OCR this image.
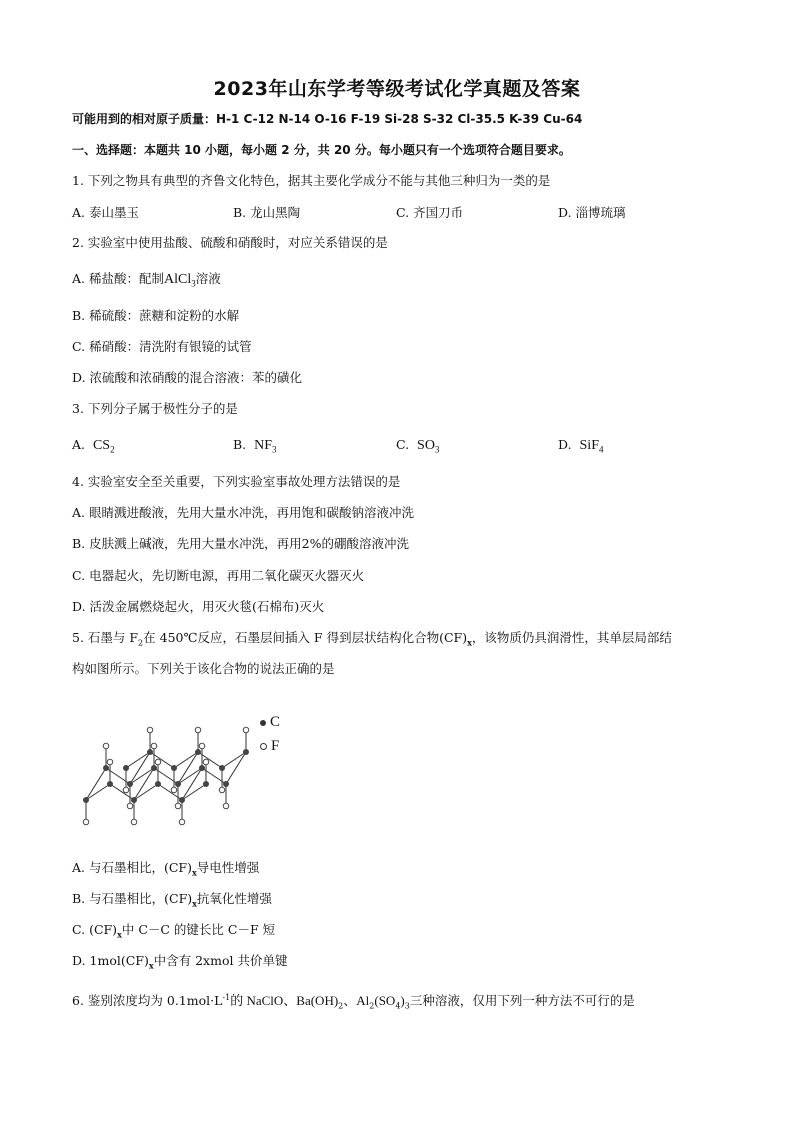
2023年山东学考等级考试化学真题及答案
可能用到的相对原子质量：H-1 C-12 N-14 O-16 F-19 Si-28 S-32 Cl-35.5 K-39 Cu-64
一、选择题：本题共 10 小题，每小题 2 分，共 20 分。每小题只有一个选项符合题目要求。
1. 下列之物具有典型的齐鲁文化特色，据其主要化学成分不能与其他三种归为一类的是
A. 泰山墨玉	B. 龙山黑陶	C. 齐国刀币	D. 淄博琉璃
2. 实验室中使用盐酸、硫酸和硝酸时，对应关系错误的是
A. 稀盐酸：配制AlCl$_3$溶液
B. 稀硫酸：蔗糖和淀粉的水解
C. 稀硝酸：清洗附有银镜的试管
D. 浓硫酸和浓硝酸的混合溶液：苯的磺化
3. 下列分子属于极性分子的是
A. $CS_2$	B. $NF_3$	C. $SO_3$	D. SiF$_4$
4. 实验室安全至关重要，下列实验室事故处理方法错误的是
A. 眼睛溅进酸液，先用大量水冲洗，再用饱和碳酸钠溶液冲洗
B. 皮肤溅上碱液，先用大量水冲洗，再用2%的硼酸溶液冲洗
C. 电器起火，先切断电源，再用二氧化碳灭火器灭火
D. 活泼金属燃烧起火，用灭火毯(石棉布)灭火
5. 石墨与 $F_2$在 450℃反应，石墨层间插入 F 得到层状结构化合物$(CF)_x$，该物质仍具润滑性，其单层局部结
构如图所示。下列关于该化合物的说法正确的是
C
F
A. 与石墨相比，$(CF)_x$导电性增强
B. 与石墨相比，$(CF)_x$抗氧化性增强
C. $(CF)_x$中 C－C 的键长比 C－F 短
D. $1mol(CF)_x$中含有 2xmol 共价单键
6. 鉴别浓度均为 $0.1mol\cdot L^{-1}$的 NaClO、$Ba(OH)_2$、$Al_2(SO_4)_3$三种溶液，仅用下列一种方法不可行的是
